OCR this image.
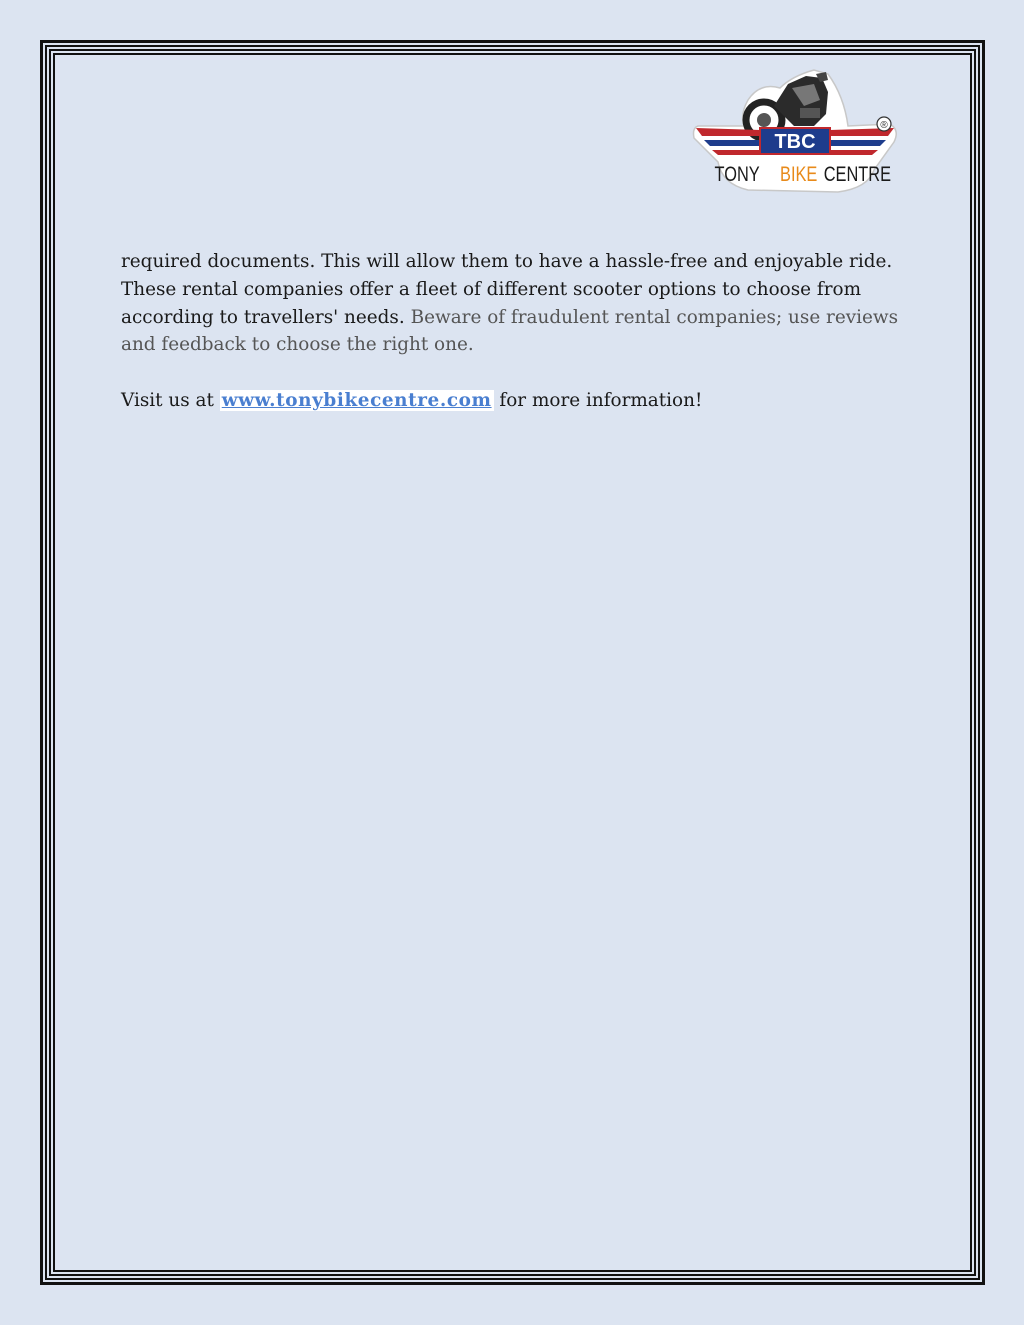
TBC
TONY BIKE CENTRE
®

required documents. This will allow them to have a hassle-free and enjoyable ride. These rental companies offer a fleet of different scooter options to choose from according to travellers' needs. Beware of fraudulent rental companies; use reviews and feedback to choose the right one.

Visit us at www.tonybikecentre.com for more information!
